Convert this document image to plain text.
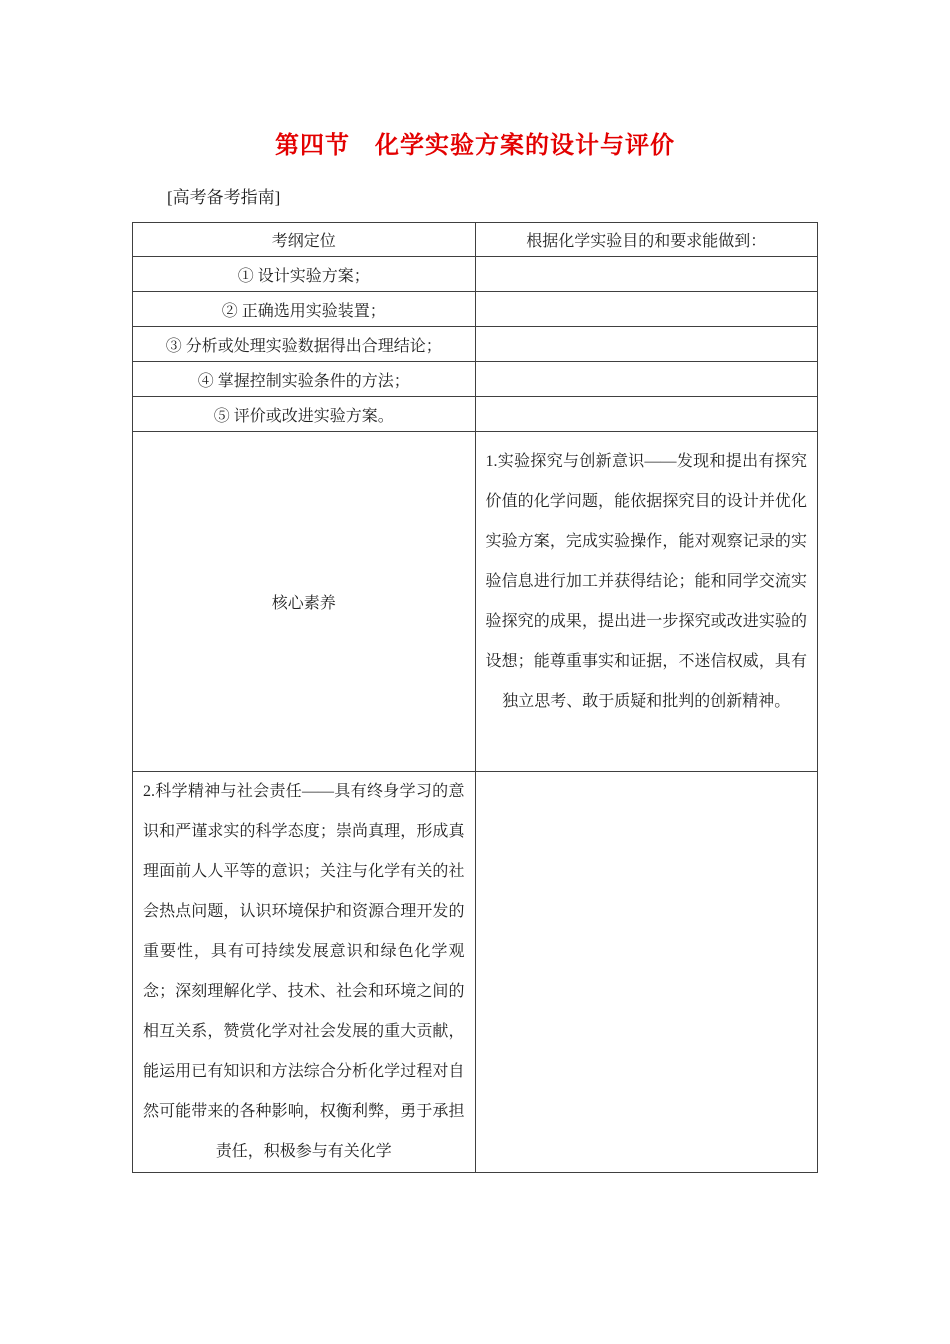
第四节　化学实验方案的设计与评价
[高考备考指南]
考纲定位	根据化学实验目的和要求能做到：
① 设计实验方案；	
② 正确选用实验装置；	
③ 分析或处理实验数据得出合理结论；	
④ 掌握控制实验条件的方法；	
⑤ 评价或改进实验方案。	
核心素养	1.实验探究与创新意识——发现和提出有探究价值的化学问题，能依据探究目的设计并优化实验方案，完成实验操作，能对观察记录的实验信息进行加工并获得结论；能和同学交流实验探究的成果，提出进一步探究或改进实验的设想；能尊重事实和证据，不迷信权威，具有独立思考、敢于质疑和批判的创新精神。
2.科学精神与社会责任——具有终身学习的意识和严谨求实的科学态度；崇尚真理，形成真理面前人人平等的意识；关注与化学有关的社会热点问题，认识环境保护和资源合理开发的重要性，具有可持续发展意识和绿色化学观念；深刻理解化学、技术、社会和环境之间的相互关系，赞赏化学对社会发展的重大贡献，能运用已有知识和方法综合分析化学过程对自然可能带来的各种影响，权衡利弊，勇于承担责任，积极参与有关化学	
